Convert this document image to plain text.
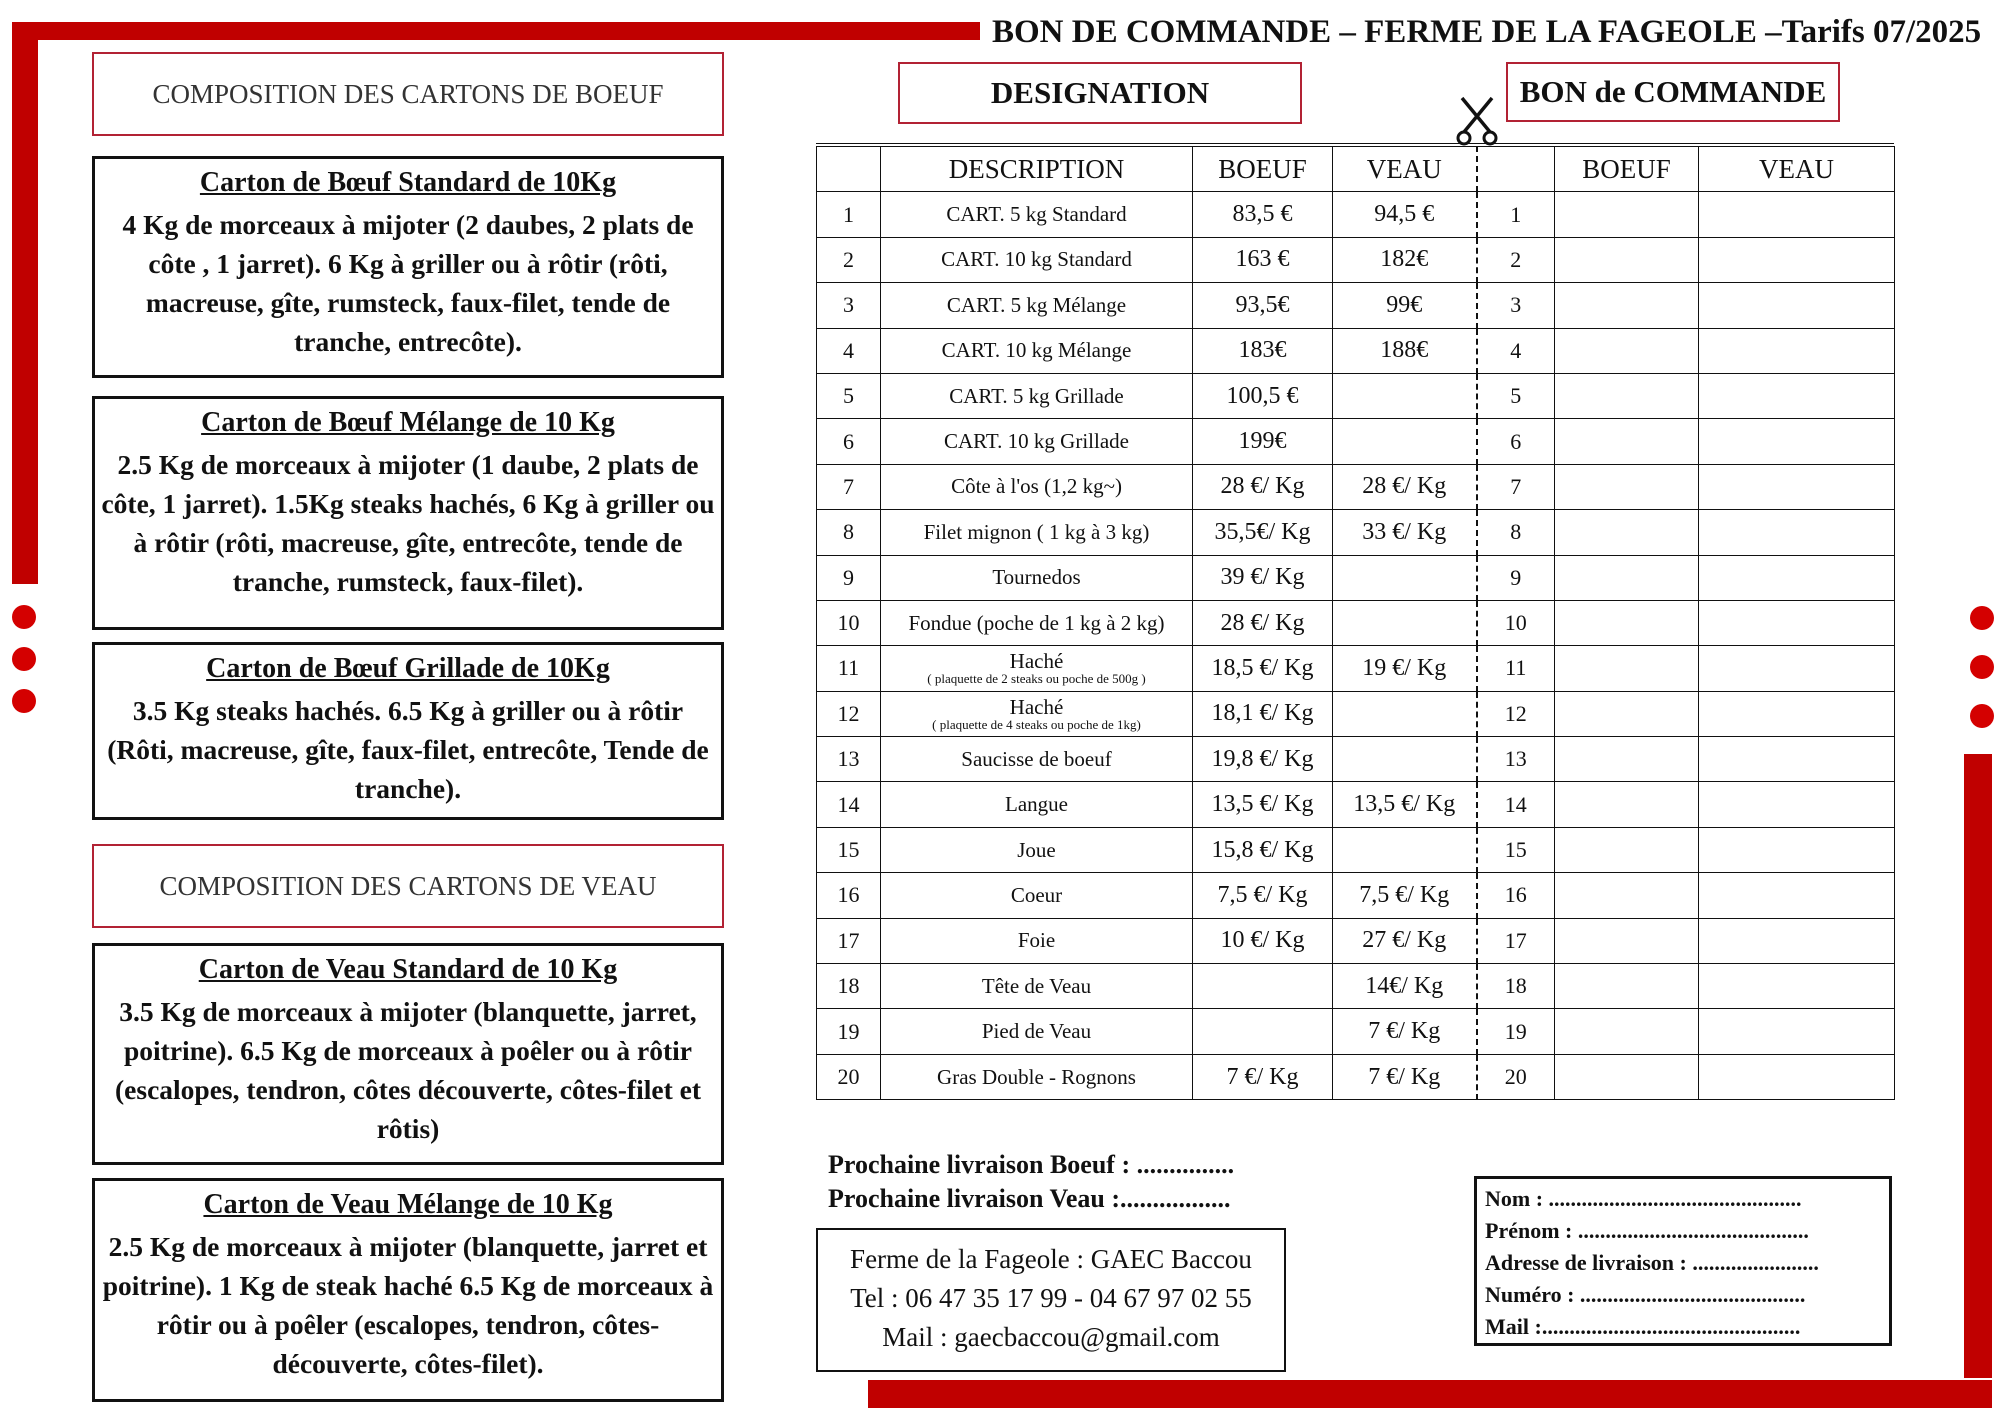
BON DE COMMANDE – FERME DE LA FAGEOLE –Tarifs 07/2025
COMPOSITION DES CARTONS DE BOEUF
Carton de Bœuf Standard de 10Kg
4 Kg de morceaux à mijoter (2 daubes, 2 plats de côte , 1 jarret). 6 Kg à griller ou à rôtir (rôti, macreuse, gîte, rumsteck, faux-filet, tende de tranche, entrecôte).
Carton de Bœuf Mélange de 10 Kg
2.5 Kg de morceaux à mijoter (1 daube, 2 plats de côte, 1 jarret). 1.5Kg steaks hachés, 6 Kg à griller ou à rôtir (rôti, macreuse, gîte, entrecôte, tende de tranche, rumsteck, faux-filet).
Carton de Bœuf Grillade de 10Kg
3.5 Kg steaks hachés. 6.5 Kg à griller ou à rôtir (Rôti, macreuse, gîte, faux-filet, entrecôte, Tende de tranche).
COMPOSITION DES CARTONS DE VEAU
Carton de Veau Standard de 10 Kg
3.5 Kg de morceaux à mijoter (blanquette, jarret, poitrine). 6.5 Kg de morceaux à poêler ou à rôtir (escalopes, tendron, côtes découverte, côtes-filet et rôtis)
Carton de Veau Mélange de 10 Kg
2.5 Kg de morceaux à mijoter (blanquette, jarret et poitrine). 1 Kg de steak haché 6.5 Kg de morceaux à rôtir ou à poêler (escalopes, tendron, côtes-découverte, côtes-filet).
DESIGNATION	BON de COMMANDE
	DESCRIPTION	BOEUF	VEAU		BOEUF	VEAU
1	CART. 5 kg Standard	83,5 €	94,5 €	1		
2	CART. 10 kg Standard	163 €	182€	2		
3	CART. 5 kg Mélange	93,5€	99€	3		
4	CART. 10 kg Mélange	183€	188€	4		
5	CART. 5 kg Grillade	100,5 €		5		
6	CART. 10 kg Grillade	199€		6		
7	Côte à l'os (1,2 kg~)	28 €/ Kg	28 €/ Kg	7		
8	Filet mignon ( 1 kg à 3 kg)	35,5€/ Kg	33 €/ Kg	8		
9	Tournedos	39 €/ Kg		9		
10	Fondue (poche de 1 kg à 2 kg)	28 €/ Kg		10		
11	Haché
( plaquette de 2 steaks ou poche de 500g )	18,5 €/ Kg	19 €/ Kg	11		
12	Haché
( plaquette de 4 steaks ou poche de 1kg)	18,1 €/ Kg		12		
13	Saucisse de boeuf	19,8 €/ Kg		13		
14	Langue	13,5 €/ Kg	13,5 €/ Kg	14		
15	Joue	15,8 €/ Kg		15		
16	Coeur	7,5 €/ Kg	7,5 €/ Kg	16		
17	Foie	10 €/ Kg	27 €/ Kg	17		
18	Tête de Veau		14€/ Kg	18		
19	Pied de Veau		7 €/ Kg	19		
20	Gras Double - Rognons	7 €/ Kg	7 €/ Kg	20		
Prochaine livraison Boeuf : ...............
Prochaine livraison Veau :.................
Ferme de la Fageole : GAEC Baccou
Tel : 06 47 35 17 99 - 04 67 97 02 55
Mail : gaecbaccou@gmail.com
Nom : ..............................................
Prénom : ..........................................
Adresse de livraison : .......................
Numéro : .........................................
Mail :...............................................
